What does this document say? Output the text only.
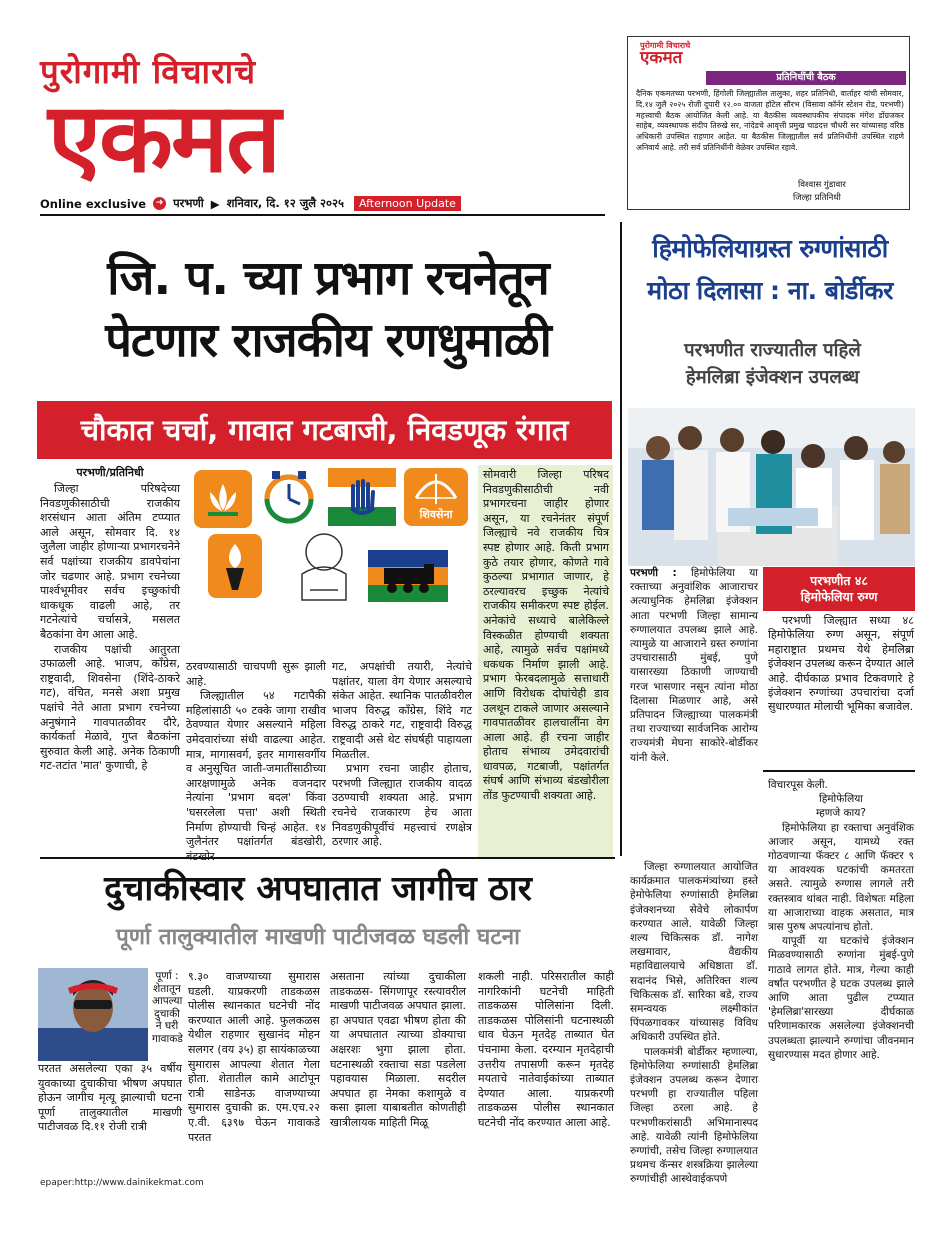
पुरोगामी विचाराचे
एकमत
Online exclusive ➜ परभणी ▶ शनिवार, दि. १२ जुलै २०२५ Afternoon Update
पुरोगामी विचाराचे
एकमत
प्रतिनिधींची बैठक
दैनिक एकमतच्या परभणी, हिंगोली जिल्ह्यातील तालुका, शहर प्रतिनिधी, वार्ताहर यांची सोमवार, दि.१४ जुलै २०२५ रोजी दुपारी १२.०० वाजता हॉटेल सौरभ (विसावा कॉर्नर स्टेशन रोड, परभणी) महत्त्वाची बैठक आयोजित केली आहे. या बैठकीस व्यवस्थापकीय संपादक मंगेश डोंग्रजकर साहेब, व्यवस्थापक संदीप तिरुखे सर, नांदेडचे आवृत्ती प्रमुख चाडदत्त चौधरी सर यांच्यासह वरिष्ठ अधिकारी उपस्थित राहणार आहेत. या बैठकीस जिल्ह्यातील सर्व प्रतिनिधींनी उपस्थित राहणे अनिवार्य आहे. तरी सर्व प्रतिनिधींनी वेळेवर उपस्थित रहावे.
विश्वास गुंडावार
जिल्हा प्रतिनिधी
जि. प. च्या प्रभाग रचनेतून
पेटणार राजकीय रणधुमाळी
चौकात चर्चा, गावात गटबाजी, निवडणूक रंगात
परभणी/प्रतिनिधी
जिल्हा परिषदेच्या निवडणुकीसाठीची राजकीय शरसंधान आता अंतिम टप्प्यात आले असून, सोमवार दि. १४ जुलैला जाहीर होणाऱ्या प्रभागरचनेने सर्व पक्षांच्या राजकीय डावपेचांना जोर चढणार आहे. प्रभाग रचनेच्या पार्श्वभूमीवर सर्वच इच्छुकांची धाकधूक वाढली आहे, तर गटनेत्यांचे चर्चासत्रे, मसलत बैठकांना वेग आला आहे.
राजकीय पक्षांची आतुरता उफाळली आहे. भाजप, काँग्रेस, राष्ट्रवादी, शिवसेना (शिंदे-ठाकरे गट), वंचित, मनसे अशा प्रमुख पक्षांचे नेते आता प्रभाग रचनेच्या अनुषंगाने गावपातळीवर दौरे, कार्यकर्ता मेळावे, गुप्त बैठकांना सुरुवात केली आहे. अनेक ठिकाणी गट-तटांत 'मात' कुणाची, हे
शिवसेना
ठरवण्यासाठी चाचपणी सुरू झाली आहे.
जिल्ह्यातील ५४ गटापैकी महिलांसाठी ५० टक्के जागा राखीव ठेवण्यात येणार असल्याने महिला उमेदवारांच्या संधी वाढल्या आहेत. मात्र, मागासवर्ग, इतर मागासवर्गीय व अनुसूचित जाती-जमातींसाठीच्या आरक्षणामुळे अनेक वजनदार नेत्यांना 'प्रभाग बदल' किंवा 'घसरलेला पत्ता' अशी स्थिती निर्माण होण्याची चिन्हं आहेत. १४ जुलैनंतर पक्षांतर्गत बंडखोरी,
गट, अपक्षांची तयारी, नेत्यांचे पक्षांतर, याला वेग येणार असल्याचे संकेत आहेत. स्थानिक पातळीवरील भाजप विरुद्ध काँग्रेस, शिंदे गट विरुद्ध ठाकरे गट, राष्ट्रवादी विरुद्ध राष्ट्रवादी असे थेट संघर्षही पाहायला मिळतील.
प्रभाग रचना जाहीर होताच, परभणी जिल्ह्यात राजकीय वादळ उठण्याची शक्यता आहे. प्रभाग रचनेचे राजकारण हेच आता निवडणुकीपूर्वीचं महत्त्वाचं रणक्षेत्र ठरणार आहे.
सोमवारी जिल्हा परिषद निवडणुकीसाठीची नवी प्रभागरचना जाहीर होणार असून, या रचनेनंतर संपूर्ण जिल्ह्याचे नवे राजकीय चित्र स्पष्ट होणार आहे. किती प्रभाग कुठे तयार होणार, कोणते गावे कुठल्या प्रभागात जाणार, हे ठरल्यावरच इच्छुक नेत्यांचे राजकीय समीकरण स्पष्ट होईल. अनेकांचे सध्याचे बालेकिल्ले विस्कळीत होण्याची शक्यता आहे, त्यामुळे सर्वच पक्षांमध्ये धकधक निर्माण झाली आहे. प्रभाग फेरबदलामुळे सत्ताधारी आणि विरोधक दोघांचेही डाव उलथून टाकले जाणार असल्याने गावपातळीवर हालचालींना वेग आला आहे. ही रचना जाहीर होताच संभाव्य उमेदवारांची धावपळ, गटबाजी, पक्षांतर्गत संघर्ष आणि संभाव्य बंडखोरीला तोंड फुटण्याची शक्यता आहे.
हिमोफेलियाग्रस्त रुग्णांसाठी
मोठा दिलासा : ना. बोर्डीकर
परभणीत राज्यातील पहिले
हेमलिब्रा इंजेक्शन उपलब्ध
परभणीत ४८
हिमोफेलिया रुग्ण
परभणी : हिमोफेलिया या रक्ताच्या अनुवांशिक आजाराचर अत्याधुनिक हेमलिब्रा इंजेक्शन आता परभणी जिल्हा सामान्य रुग्णालयात उपलब्ध झाले आहे. त्यामुळे या आजाराने ग्रस्त रुग्णांना उपचारासाठी मुंबई, पुणे यासारख्या ठिकाणी जाण्याची गरज भासणार नसून त्यांना मोठा दिलासा मिळणार आहे, असे प्रतिपादन जिल्ह्याच्या पालकमंत्री तथा राज्याच्या सार्वजनिक आरोग्य राज्यमंत्री मेघना साकोरे-बोर्डीकर यांनी केले.
जिल्हा रुग्णालयात आयोजित कार्यक्रमात पालकमंत्र्यांच्या हस्ते हेमोफेलिया रुग्णांसाठी हेमलिब्रा इंजेक्शनच्या सेवेचे लोकार्पण करण्यात आले. यावेळी जिल्हा शल्य चिकित्सक डॉ. नागेश लखमावार, वैद्यकीय महाविद्यालयाचे अधिष्ठाता डॉ. सदानंद भिसे, अतिरिक्त शल्य चिकित्सक डॉ. सारिका बडे, राज्य समन्वयक लक्ष्मीकांत पिंपळगावकर यांच्यासह विविध अधिकारी उपस्थित होते.
पालकमंत्री बोर्डीकर म्हणाल्या, हिमोफेलिया रुग्णांसाठी हेमलिब्रा इंजेक्शन उपलब्ध करून देणारा परभणी हा राज्यातील पहिला जिल्हा ठरला आहे. हे परभणीकरांसाठी अभिमानास्पद आहे. यावेळी त्यांनी हिमोफेलिया रुग्णांची, तसेच जिल्हा रुग्णालयात प्रथमच कॅन्सर शस्त्रक्रिया झालेल्या रुग्णांचीही आस्थेवाईकपणे
परभणी जिल्ह्यात सध्या ४८ हिमोफेलिया रुग्ण असून, संपूर्ण महाराष्ट्रात प्रथमच येथे हेमलिब्रा इंजेक्शन उपलब्ध करून देण्यात आले आहे. दीर्घकाळ प्रभाव टिकवणारे हे इंजेक्शन रुग्णांच्या उपचारांचा दर्जा सुधारण्यात मोलाची भूमिका बजावेल.
विचारपूस केली.
हिमोफेलिया
म्हणजे काय?
हिमोफेलिया हा रक्ताचा अनुवंशिक आजार असून, यामध्ये रक्त गोठवणाऱ्या फॅक्टर ८ आणि फॅक्टर ९ या आवश्यक घटकांची कमतरता असते. त्यामुळे रुग्णास लागले तरी रक्तस्त्राव थांबत नाही. विशेषतः महिला या आजाराच्या वाहक असतात, मात्र त्रास पुरुष अपत्यांनाच होतो.
यापूर्वी या घटकांचे इंजेक्शन मिळवण्यासाठी रुग्णांना मुंबई-पुणे गाठावे लागत होते. मात्र, गेल्या काही वर्षांत परभणीत हे घटक उपलब्ध झाले आणि आता पुढील टप्प्यात 'हेमलिब्रा'सारख्या दीर्घकाळ परिणामकारक असलेल्या इंजेक्शनची उपलब्धता झाल्याने रुग्णांचा जीवनमान सुधारण्यास मदत होणार आहे.
दुचाकीस्वार अपघातात जागीच ठार
पूर्णा तालुक्यातील माखणी पाटीजवळ घडली घटना
पूर्णा : शेतातून आपल्या दुचाकी ने घरी गावाकडे
परतत असलेल्या एका ३५ वर्षीय युवकाच्या दुचाकीचा भीषण अपघात होऊन जागीच मृत्यू झाल्याची घटना पूर्णा तालुक्यातील माखणी पाटीजवळ दि.११ रोजी रात्री
९.३० वाजण्याच्या सुमारास घडली. याप्रकरणी ताडकळस पोलीस स्थानकात घटनेची नोंद करण्यात आली आहे. फुलकळस येथील राहणार सुखानंद मोहन सलगर (वय ३५) हा सायंकाळच्या सुमारास आपल्या शेतात गेला होता. शेतातील कामे आटोपून रात्री साडेनऊ वाजण्याच्या सुमारास दुचाकी क्र. एम.एच.२२ ए.वी. ६३९७ घेऊन गावाकडे परतत
असताना त्यांच्या दुचाकीला ताडकळस- सिंगणापूर रस्त्यावरील माखणी पाटीजवळ अपघात झाला. हा अपघात एवढा भीषण होता की या अपघातात त्याच्या डोक्याचा अक्षरशः भुगा झाला होता. घटनास्थळी रक्ताचा सडा पडलेला पहावयास मिळाला. सदरील अपघात हा नेमका कशामुळे व कसा झाला याबाबतीत कोणतीही खात्रीलायक माहिती मिळू
शकली नाही. परिसरातील काही नागरिकांनी घटनेची माहिती ताडकळस पोलिसांना दिली. ताडकळस पोलिसांनी घटनास्थळी धाव घेऊन मृतदेह ताब्यात घेत पंचनामा केला. दरम्यान मृतदेहाची उत्तरीय तपासणी करून मृतदेह मयताचे नातेवाईकांच्या ताब्यात देण्यात आला. याप्रकरणी ताडकळस पोलीस स्थानकात घटनेची नोंद करण्यात आला आहे.
epaper:http://www.dainikekmat.com
